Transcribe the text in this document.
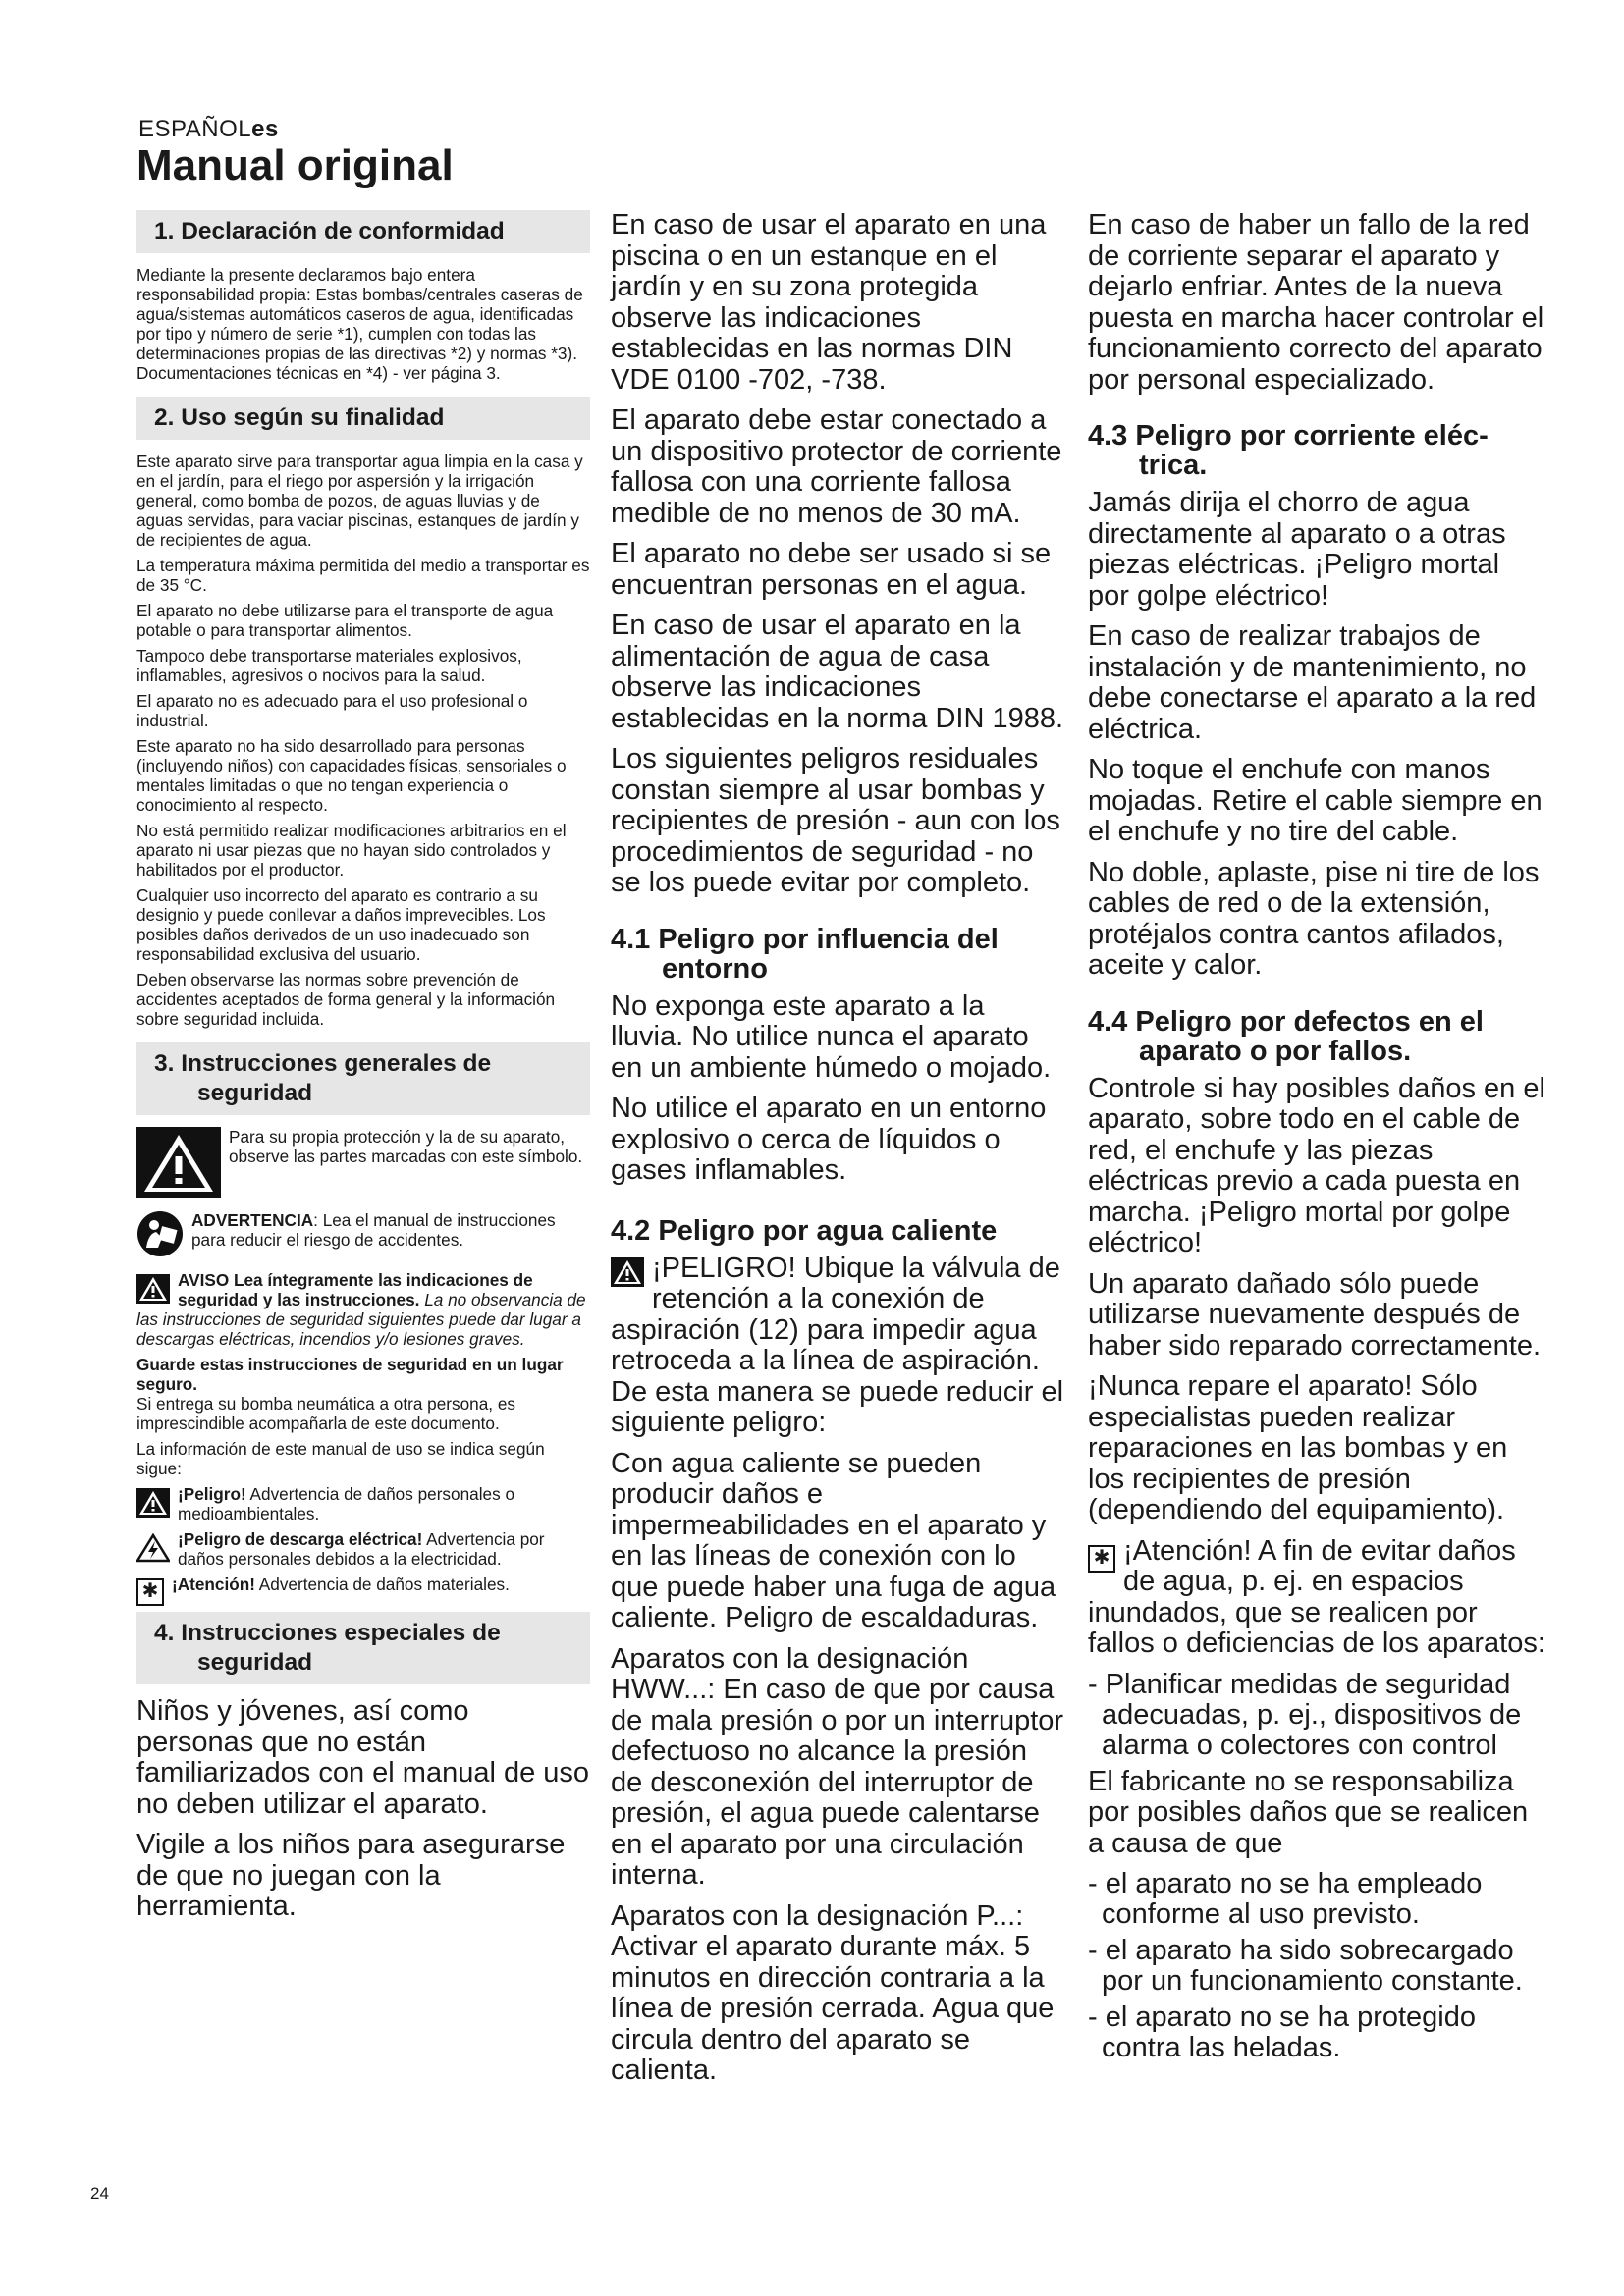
ESPAÑOLes
Manual original
1. Declaración de conformidad

Mediante la presente declaramos bajo entera responsabilidad propia: Estas bombas/centrales caseras de agua/sistemas automáticos caseros de agua, identificadas por tipo y número de serie *1), cumplen con todas las determinaciones propias de las directivas *2) y normas *3). Documentaciones técnicas en *4) - ver página 3.

2. Uso según su finalidad

Este aparato sirve para transportar agua limpia en la casa y en el jardín, para el riego por aspersión y la irrigación general, como bomba de pozos, de aguas lluvias y de aguas servidas, para vaciar piscinas, estanques de jardín y de recipientes de agua.

La temperatura máxima permitida del medio a transportar es de 35 °C.

El aparato no debe utilizarse para el transporte de agua potable o para transportar alimentos.

Tampoco debe transportarse materiales explosivos, inflamables, agresivos o nocivos para la salud.

El aparato no es adecuado para el uso profesional o industrial.

Este aparato no ha sido desarrollado para personas (incluyendo niños) con capacidades físicas, sensoriales o mentales limitadas o que no tengan experiencia o conocimiento al respecto.

No está permitido realizar modificaciones arbitrarios en el aparato ni usar piezas que no hayan sido controlados y habilitados por el productor.

Cualquier uso incorrecto del aparato es contrario a su designio y puede conllevar a daños imprevecibles. Los posibles daños derivados de un uso inadecuado son responsabilidad exclusiva del usuario.

Deben observarse las normas sobre prevención de accidentes aceptados de forma general y la información sobre seguridad incluida.

3. Instrucciones generales de
seguridad

Para su propia protección y la de su aparato, observe las partes marcadas con este símbolo.

ADVERTENCIA: Lea el manual de instrucciones para reducir el riesgo de accidentes.

AVISO Lea íntegramente las indicaciones de seguridad y las instrucciones. La no observancia de las instrucciones de seguridad siguientes puede dar lugar a descargas eléctricas, incendios y/o lesiones graves.

Guarde estas instrucciones de seguridad en un lugar seguro.

Si entrega su bomba neumática a otra persona, es imprescindible acompañarla de este documento.

La información de este manual de uso se indica según sigue:

¡Peligro! Advertencia de daños personales o medioambientales.

¡Peligro de descarga eléctrica! Advertencia por daños personales debidos a la electricidad.

✱ ¡Atención! Advertencia de daños materiales.

4. Instrucciones especiales de
seguridad

Niños y jóvenes, así como personas que no están familiarizados con el manual de uso no deben utilizar el aparato.

Vigile a los niños para asegurarse de que no juegan con la herramienta.

En caso de usar el aparato en una piscina o en un estanque en el jardín y en su zona protegida observe las indicaciones establecidas en las normas DIN VDE 0100 -702, -738.

El aparato debe estar conectado a un dispositivo protector de corriente fallosa con una corriente fallosa medible de no menos de 30 mA.

El aparato no debe ser usado si se encuentran personas en el agua.

En caso de usar el aparato en la alimentación de agua de casa observe las indicaciones establecidas en la norma DIN 1988.

Los siguientes peligros residuales constan siempre al usar bombas y recipientes de presión - aun con los procedimientos de seguridad - no se los puede evitar por completo.

4.1 Peligro por influencia del
entorno

No exponga este aparato a la lluvia. No utilice nunca el aparato en un ambiente húmedo o mojado.

No utilice el aparato en un entorno explosivo o cerca de líquidos o gases inflamables.

4.2 Peligro por agua caliente

¡PELIGRO! Ubique la válvula de retención a la conexión de aspiración (12) para impedir agua retroceda a la línea de aspiración. De esta manera se puede reducir el siguiente peligro:

Con agua caliente se pueden producir daños e impermeabilidades en el aparato y en las líneas de conexión con lo que puede haber una fuga de agua caliente. Peligro de escaldaduras.

Aparatos con la designación HWW...: En caso de que por causa de mala presión o por un interruptor defectuoso no alcance la presión de desconexión del interruptor de presión, el agua puede calentarse en el aparato por una circulación interna.

Aparatos con la designación P...: Activar el aparato durante máx. 5 minutos en dirección contraria a la línea de presión cerrada. Agua que circula dentro del aparato se calienta.

En caso de haber un fallo de la red de corriente separar el aparato y dejarlo enfriar. Antes de la nueva puesta en marcha hacer controlar el funcionamiento correcto del aparato por personal especializado.

4.3 Peligro por corriente eléc-
trica.

Jamás dirija el chorro de agua directamente al aparato o a otras piezas eléctricas. ¡Peligro mortal por golpe eléctrico!

En caso de realizar trabajos de instalación y de mantenimiento, no debe conectarse el aparato a la red eléctrica.

No toque el enchufe con manos mojadas. Retire el cable siempre en el enchufe y no tire del cable.

No doble, aplaste, pise ni tire de los cables de red o de la extensión, protéjalos contra cantos afilados, aceite y calor.

4.4 Peligro por defectos en el
aparato o por fallos.

Controle si hay posibles daños en el aparato, sobre todo en el cable de red, el enchufe y las piezas eléctricas previo a cada puesta en marcha. ¡Peligro mortal por golpe eléctrico!

Un aparato dañado sólo puede utilizarse nuevamente después de haber sido reparado correctamente.

¡Nunca repare el aparato! Sólo especialistas pueden realizar reparaciones en las bombas y en los recipientes de presión (dependiendo del equipamiento).

✱ ¡Atención! A fin de evitar daños de agua, p. ej. en espacios inundados, que se realicen por fallos o deficiencias de los aparatos:

- Planificar medidas de seguridad adecuadas, p. ej., dispositivos de alarma o colectores con control

El fabricante no se responsabiliza por posibles daños que se realicen a causa de que

- el aparato no se ha empleado conforme al uso previsto.

- el aparato ha sido sobrecargado por un funcionamiento constante.

- el aparato no se ha protegido contra las heladas.

24
